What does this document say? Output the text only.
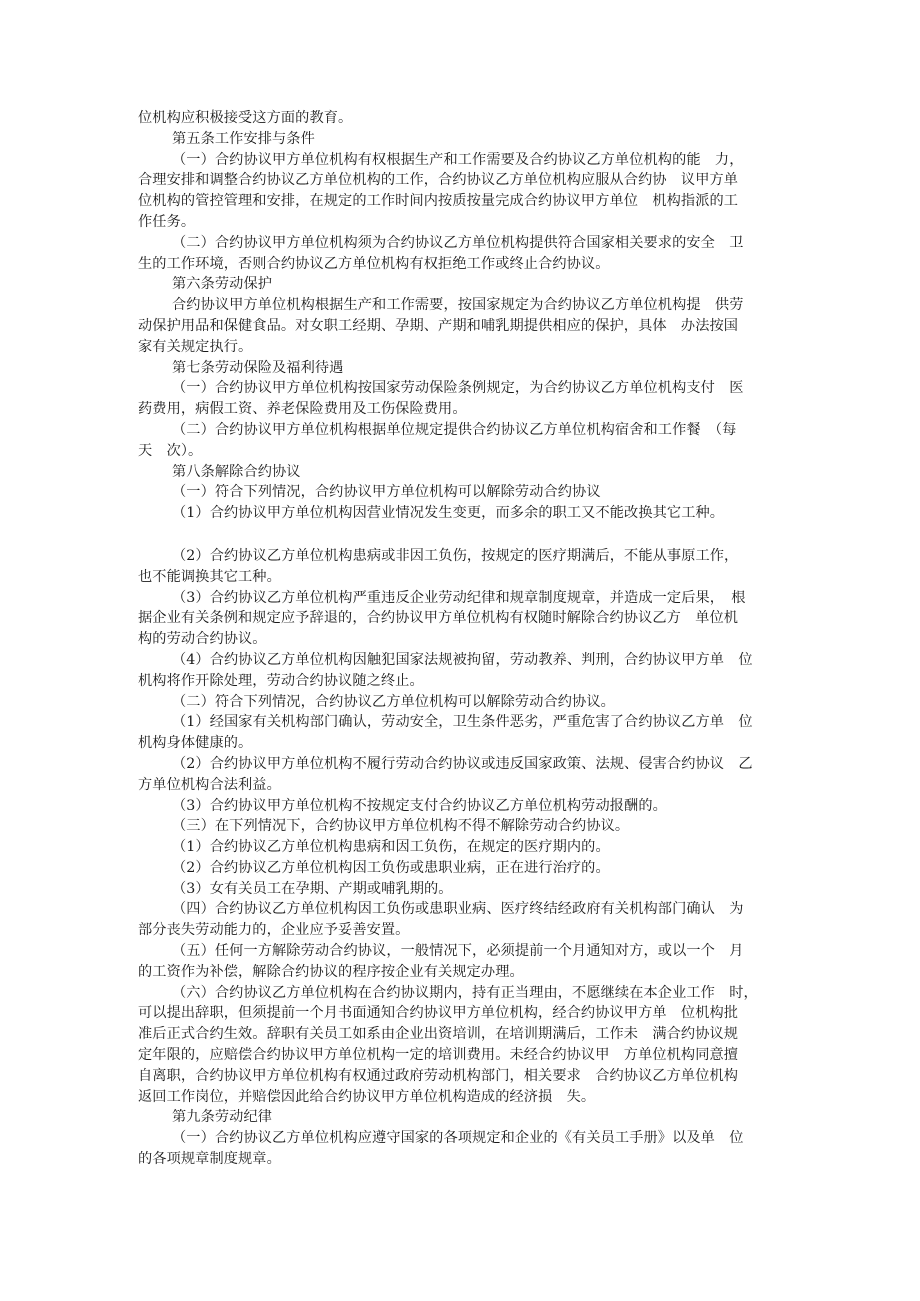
位机构应积极接受这方面的教育。
第五条工作安排与条件
（一）合约协议甲方单位机构有权根据生产和工作需要及合约协议乙方单位机构的能　力，
合理安排和调整合约协议乙方单位机构的工作，合约协议乙方单位机构应服从合约协　议甲方单
位机构的管控管理和安排，在规定的工作时间内按质按量完成合约协议甲方单位　机构指派的工
作任务。
（二）合约协议甲方单位机构须为合约协议乙方单位机构提供符合国家相关要求的安全　卫
生的工作环境，否则合约协议乙方单位机构有权拒绝工作或终止合约协议。
第六条劳动保护
合约协议甲方单位机构根据生产和工作需要，按国家规定为合约协议乙方单位机构提　供劳
动保护用品和保健食品。对女职工经期、孕期、产期和哺乳期提供相应的保护，具体　办法按国
家有关规定执行。
第七条劳动保险及福利待遇
（一）合约协议甲方单位机构按国家劳动保险条例规定，为合约协议乙方单位机构支付　医
药费用，病假工资、养老保险费用及工伤保险费用。
（二）合约协议甲方单位机构根据单位规定提供合约协议乙方单位机构宿舍和工作餐　（每
天　次）。
第八条解除合约协议
（一）符合下列情况，合约协议甲方单位机构可以解除劳动合约协议
（1）合约协议甲方单位机构因营业情况发生变更，而多余的职工又不能改换其它工种。
（2）合约协议乙方单位机构患病或非因工负伤，按规定的医疗期满后，不能从事原工作，
也不能调换其它工种。
（3）合约协议乙方单位机构严重违反企业劳动纪律和规章制度规章，并造成一定后果，　根
据企业有关条例和规定应予辞退的，合约协议甲方单位机构有权随时解除合约协议乙方　单位机
构的劳动合约协议。
（4）合约协议乙方单位机构因触犯国家法规被拘留，劳动教养、判刑，合约协议甲方单　位
机构将作开除处理，劳动合约协议随之终止。
（二）符合下列情况，合约协议乙方单位机构可以解除劳动合约协议。
（1）经国家有关机构部门确认，劳动安全，卫生条件恶劣，严重危害了合约协议乙方单　位
机构身体健康的。
（2）合约协议甲方单位机构不履行劳动合约协议或违反国家政策、法规、侵害合约协议　乙
方单位机构合法利益。
（3）合约协议甲方单位机构不按规定支付合约协议乙方单位机构劳动报酬的。
（三）在下列情况下，合约协议甲方单位机构不得不解除劳动合约协议。
（1）合约协议乙方单位机构患病和因工负伤，在规定的医疗期内的。
（2）合约协议乙方单位机构因工负伤或患职业病，正在进行治疗的。
（3）女有关员工在孕期、产期或哺乳期的。
（四）合约协议乙方单位机构因工负伤或患职业病、医疗终结经政府有关机构部门确认　为
部分丧失劳动能力的，企业应予妥善安置。
（五）任何一方解除劳动合约协议，一般情况下，必须提前一个月通知对方，或以一个　月
的工资作为补偿，解除合约协议的程序按企业有关规定办理。
（六）合约协议乙方单位机构在合约协议期内，持有正当理由，不愿继续在本企业工作　时，
可以提出辞职，但须提前一个月书面通知合约协议甲方单位机构，经合约协议甲方单　位机构批
准后正式合约生效。辞职有关员工如系由企业出资培训，在培训期满后，工作未　满合约协议规
定年限的，应赔偿合约协议甲方单位机构一定的培训费用。未经合约协议甲　方单位机构同意擅
自离职，合约协议甲方单位机构有权通过政府劳动机构部门，相关要求　合约协议乙方单位机构
返回工作岗位，并赔偿因此给合约协议甲方单位机构造成的经济损　失。
第九条劳动纪律
（一）合约协议乙方单位机构应遵守国家的各项规定和企业的《有关员工手册》以及单　位
的各项规章制度规章。
